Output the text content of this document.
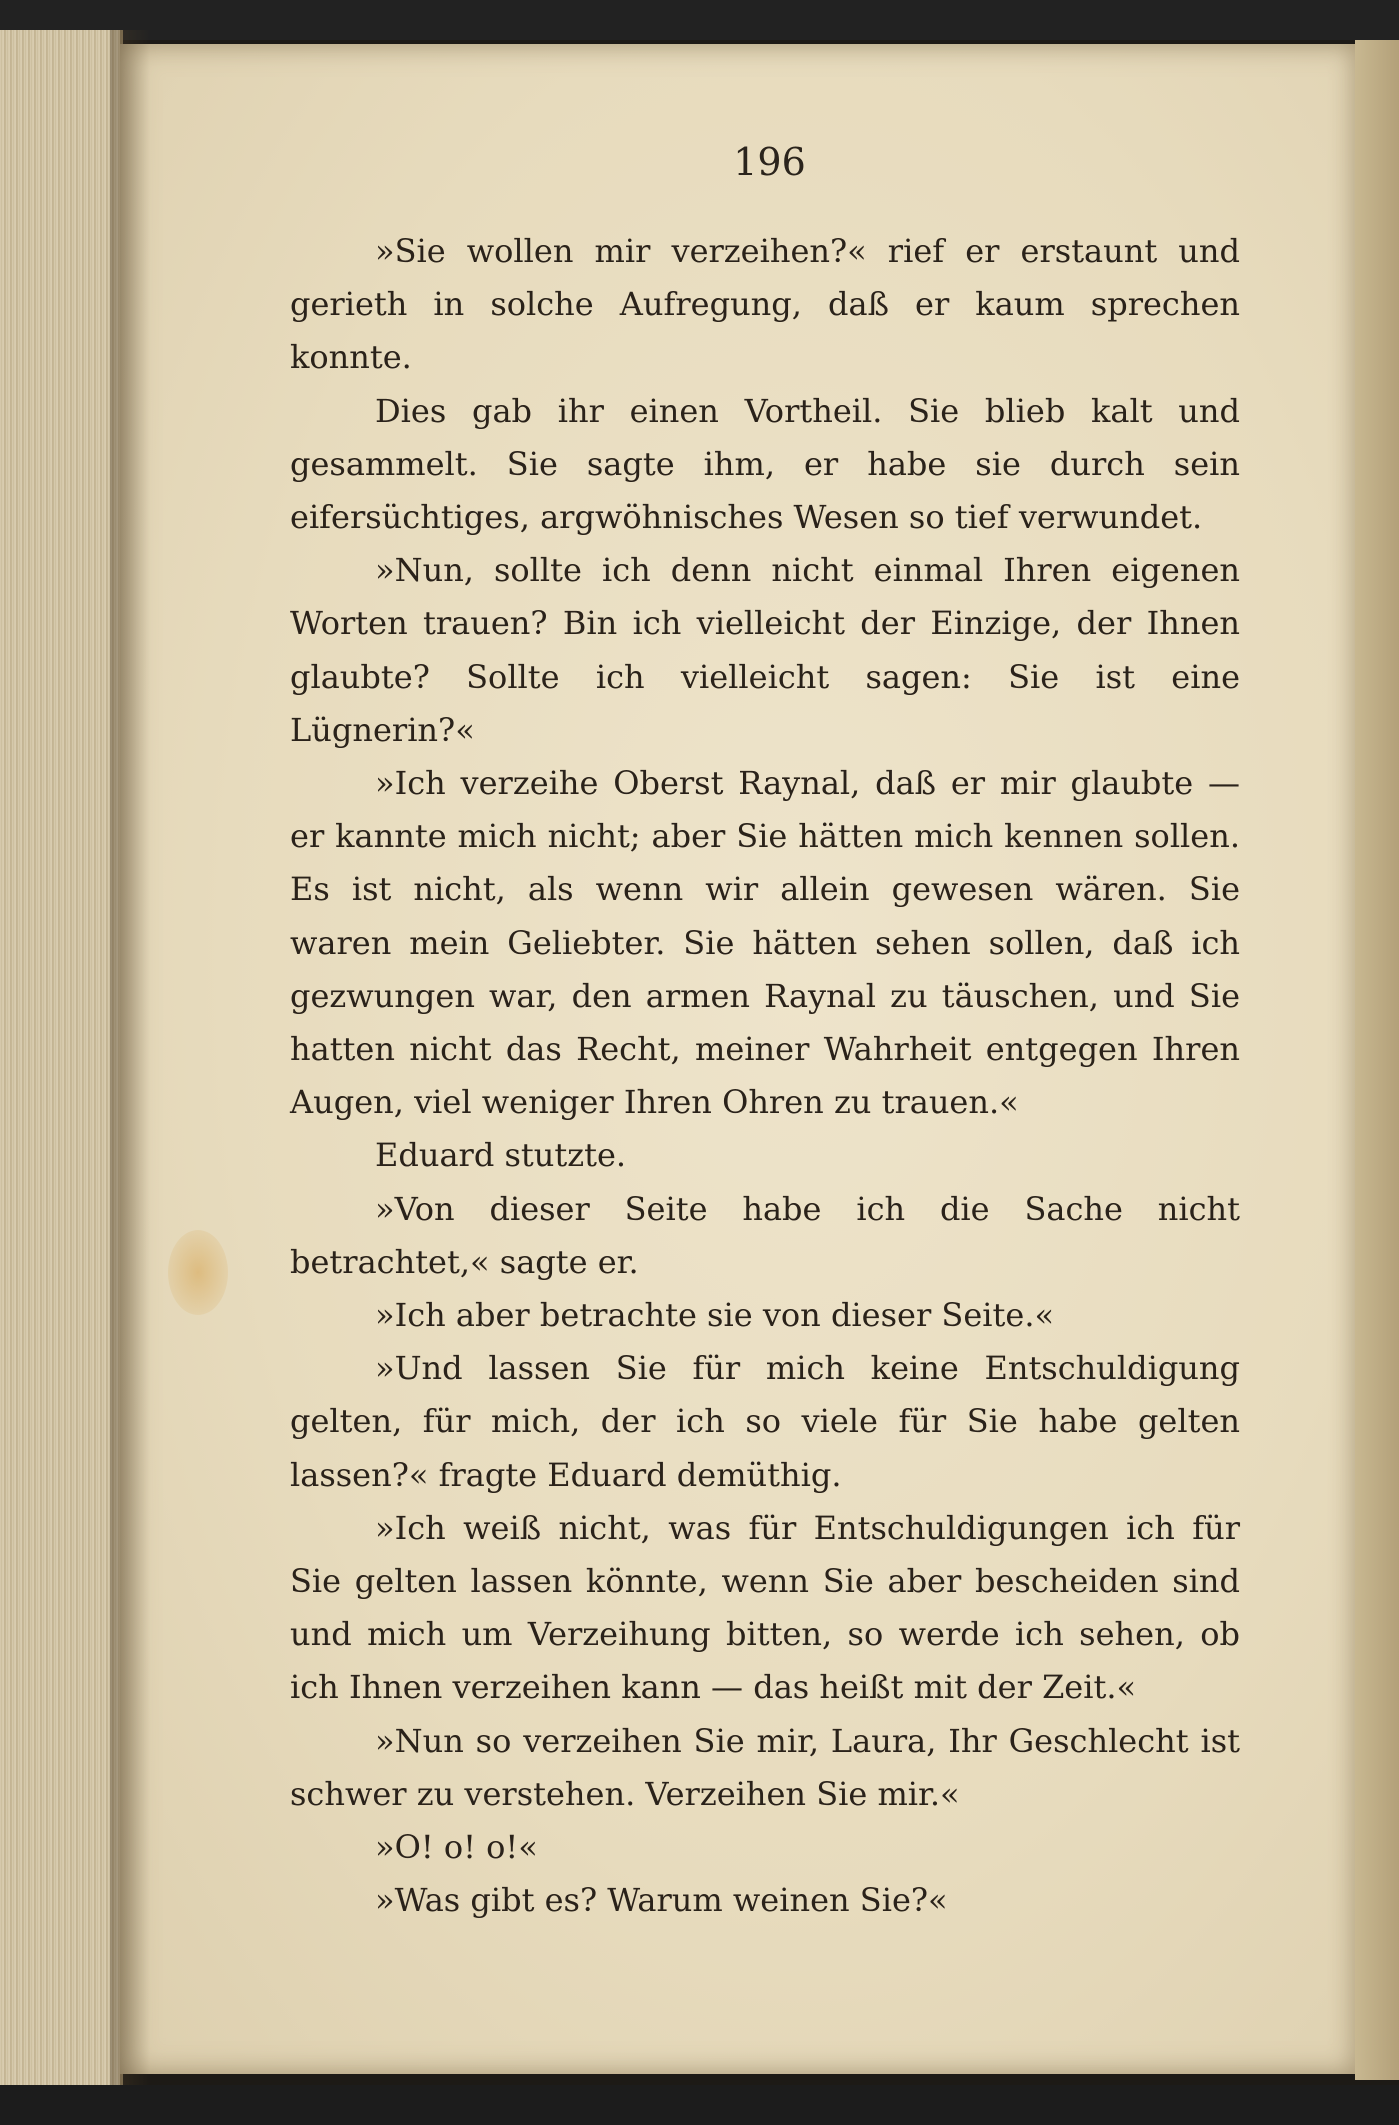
196

»Sie wollen mir verzeihen?« rief er erstaunt und gerieth in solche Aufregung, daß er kaum sprechen konnte.

Dies gab ihr einen Vortheil. Sie blieb kalt und gesammelt. Sie sagte ihm, er habe sie durch sein eifersüchtiges, argwöhnisches Wesen so tief verwundet.

»Nun, sollte ich denn nicht einmal Ihren eigenen Worten trauen? Bin ich vielleicht der Einzige, der Ihnen glaubte? Sollte ich vielleicht sagen: Sie ist eine Lügnerin?«

»Ich verzeihe Oberst Raynal, daß er mir glaubte — er kannte mich nicht; aber Sie hätten mich kennen sollen. Es ist nicht, als wenn wir allein gewesen wären. Sie waren mein Geliebter. Sie hätten sehen sollen, daß ich gezwungen war, den armen Raynal zu täuschen, und Sie hatten nicht das Recht, meiner Wahrheit entgegen Ihren Augen, viel weniger Ihren Ohren zu trauen.«

Eduard stutzte.

»Von dieser Seite habe ich die Sache nicht betrachtet,« sagte er.

»Ich aber betrachte sie von dieser Seite.«

»Und lassen Sie für mich keine Entschuldigung gelten, für mich, der ich so viele für Sie habe gelten lassen?« fragte Eduard demüthig.

»Ich weiß nicht, was für Entschuldigungen ich für Sie gelten lassen könnte, wenn Sie aber bescheiden sind und mich um Verzeihung bitten, so werde ich sehen, ob ich Ihnen verzeihen kann — das heißt mit der Zeit.«

»Nun so verzeihen Sie mir, Laura, Ihr Geschlecht ist schwer zu verstehen. Verzeihen Sie mir.«

»O! o! o!«

»Was gibt es? Warum weinen Sie?«
